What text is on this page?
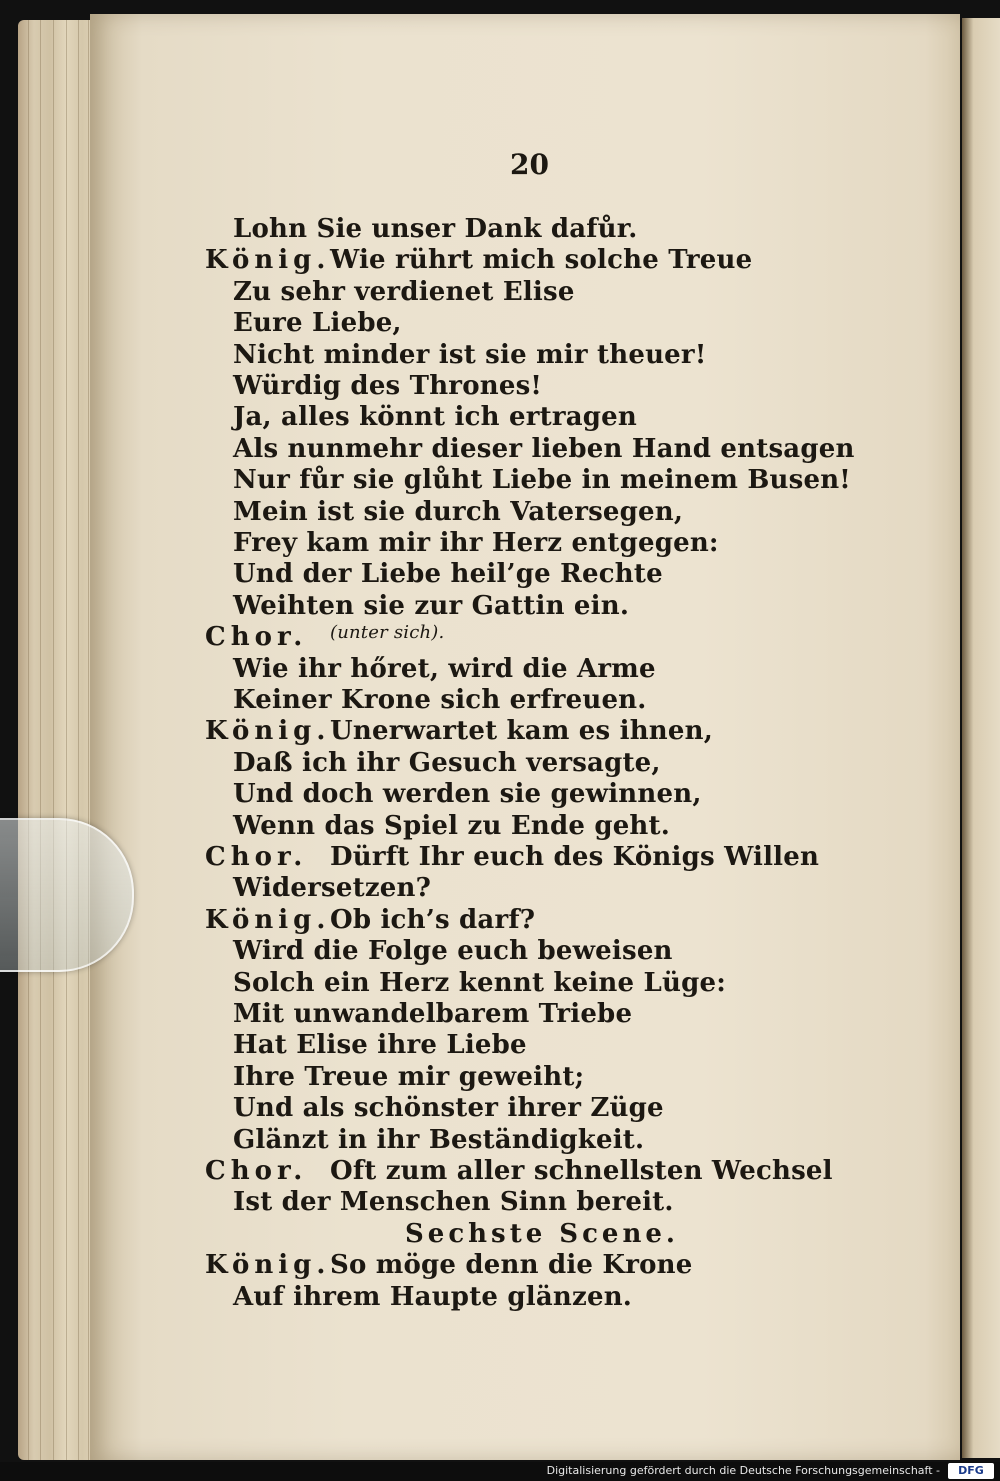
20
Lohn Sie unser Dank dafůr.
König. Wie rührt mich solche Treue
Zu sehr verdienet Elise
Eure Liebe,
Nicht minder ist sie mir theuer!
Würdig des Thrones!
Ja, alles könnt ich ertragen
Als nunmehr dieser lieben Hand entsagen
Nur fůr sie glůht Liebe in meinem Busen!
Mein ist sie durch Vatersegen,
Frey kam mir ihr Herz entgegen:
Und der Liebe heil’ge Rechte
Weihten sie zur Gattin ein.
Chor. (unter sich).
Wie ihr hőret, wird die Arme
Keiner Krone sich erfreuen.
König. Unerwartet kam es ihnen,
Daß ich ihr Gesuch versagte,
Und doch werden sie gewinnen,
Wenn das Spiel zu Ende geht.
Chor. Dürft Ihr euch des Königs Willen
Widersetzen?
König. Ob ich’s darf?
Wird die Folge euch beweisen
Solch ein Herz kennt keine Lüge:
Mit unwandelbarem Triebe
Hat Elise ihre Liebe
Ihre Treue mir geweiht;
Und als schönster ihrer Züge
Glänzt in ihr Beständigkeit.
Chor. Oft zum aller schnellsten Wechsel
Ist der Menschen Sinn bereit.
Sechste Scene.
König. So möge denn die Krone
Auf ihrem Haupte glänzen.
Digitalisierung gefördert durch die Deutsche Forschungsgemeinschaft -	DFG
